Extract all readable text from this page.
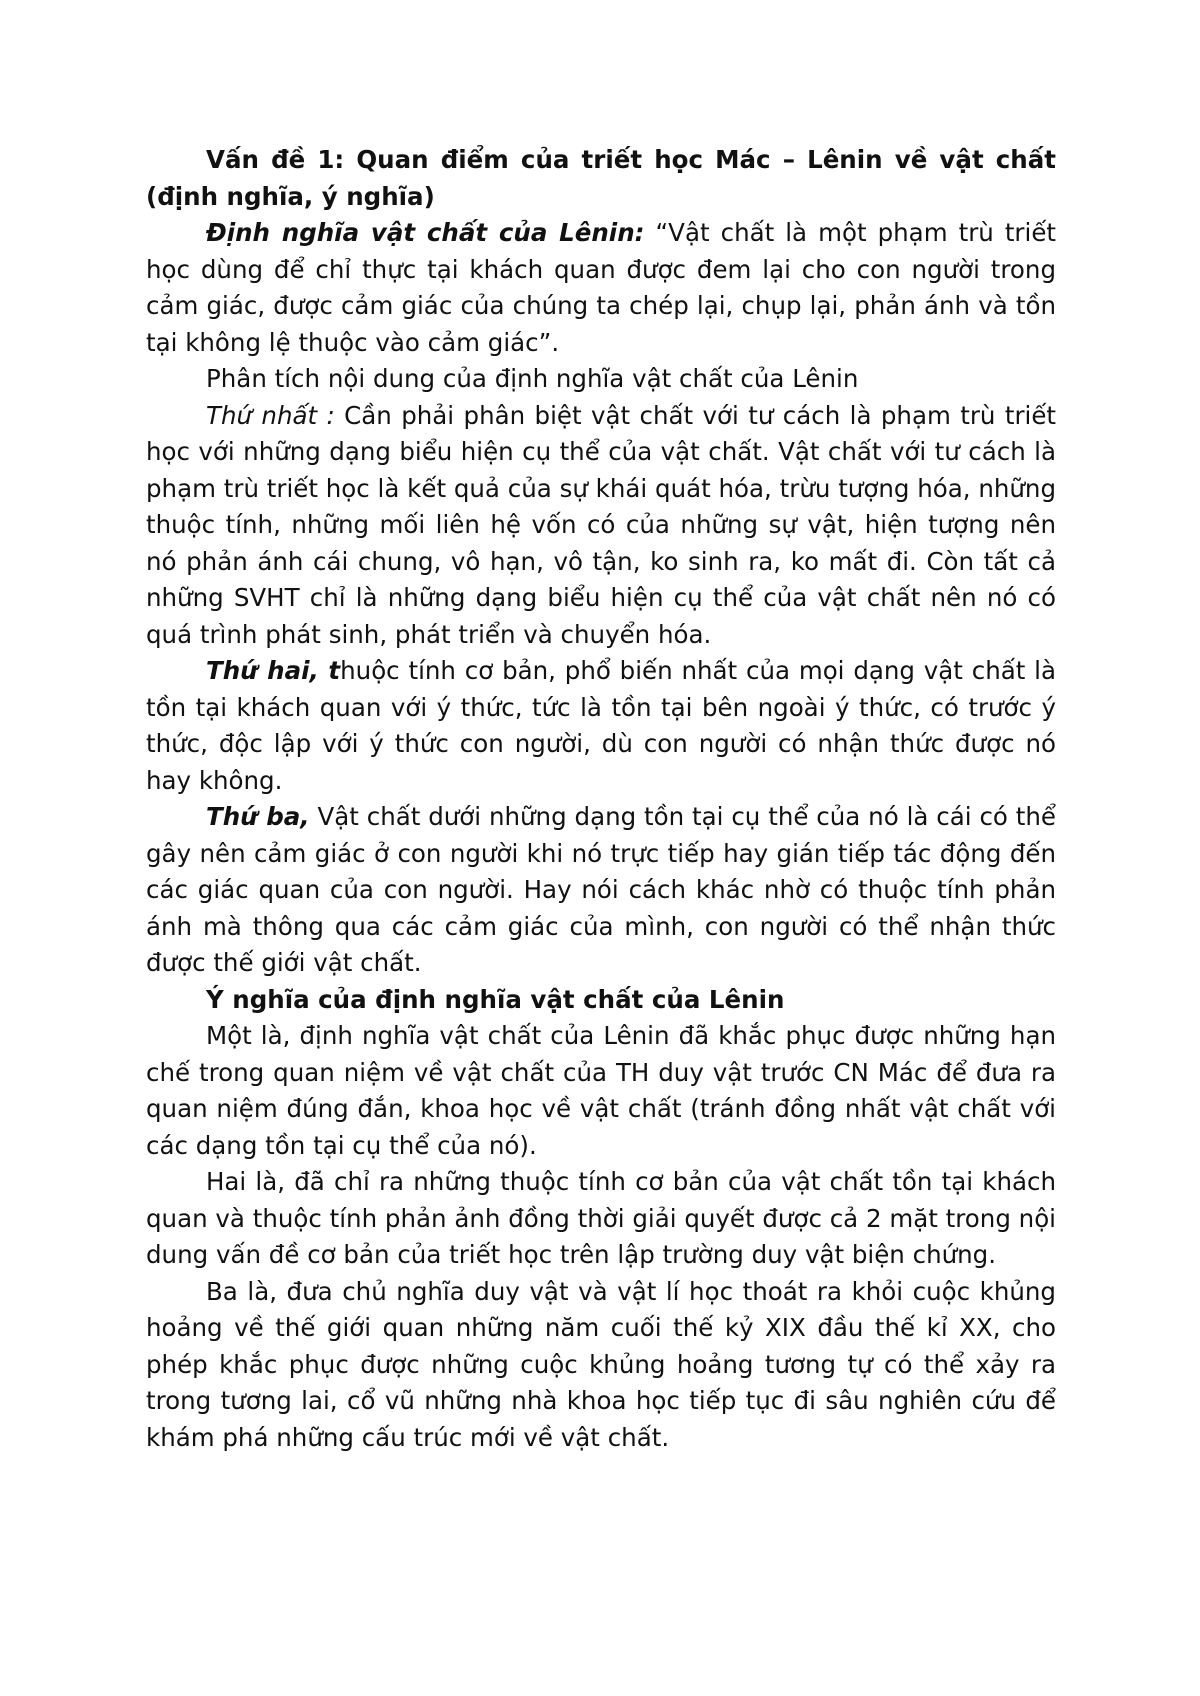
Vấn đề 1: Quan điểm của triết học Mác – Lênin về vật chất (định nghĩa, ý nghĩa)

Định nghĩa vật chất của Lênin: “Vật chất là một phạm trù triết học dùng để chỉ thực tại khách quan được đem lại cho con người trong cảm giác, được cảm giác của chúng ta chép lại, chụp lại, phản ánh và tồn tại không lệ thuộc vào cảm giác”.

Phân tích nội dung của định nghĩa vật chất của Lênin

Thứ nhất : Cần phải phân biệt vật chất với tư cách là phạm trù triết học với những dạng biểu hiện cụ thể của vật chất. Vật chất với tư cách là phạm trù triết học là kết quả của sự khái quát hóa, trừu tượng hóa, những thuộc tính, những mối liên hệ vốn có của những sự vật, hiện tượng nên nó phản ánh cái chung, vô hạn, vô tận, ko sinh ra, ko mất đi. Còn tất cả những SVHT chỉ là những dạng biểu hiện cụ thể của vật chất nên nó có quá trình phát sinh, phát triển và chuyển hóa.

Thứ hai, thuộc tính cơ bản, phổ biến nhất của mọi dạng vật chất là tồn tại khách quan với ý thức, tức là tồn tại bên ngoài ý thức, có trước ý thức, độc lập với ý thức con người, dù con người có nhận thức được nó hay không.

Thứ ba, Vật chất dưới những dạng tồn tại cụ thể của nó là cái có thể gây nên cảm giác ở con người khi nó trực tiếp hay gián tiếp tác động đến các giác quan của con người. Hay nói cách khác nhờ có thuộc tính phản ánh mà thông qua các cảm giác của mình, con người có thể nhận thức được thế giới vật chất.

Ý nghĩa của định nghĩa vật chất của Lênin

Một là, định nghĩa vật chất của Lênin đã khắc phục được những hạn chế trong quan niệm về vật chất của TH duy vật trước CN Mác để đưa ra quan niệm đúng đắn, khoa học về vật chất (tránh đồng nhất vật chất với các dạng tồn tại cụ thể của nó).

Hai là, đã chỉ ra những thuộc tính cơ bản của vật chất tồn tại khách quan và thuộc tính phản ảnh đồng thời giải quyết được cả 2 mặt trong nội dung vấn đề cơ bản của triết học trên lập trường duy vật biện chứng.

Ba là, đưa chủ nghĩa duy vật và vật lí học thoát ra khỏi cuộc khủng hoảng về thế giới quan những năm cuối thế kỷ XIX đầu thế kỉ XX, cho phép khắc phục được những cuộc khủng hoảng tương tự có thể xảy ra trong tương lai, cổ vũ những nhà khoa học tiếp tục đi sâu nghiên cứu để khám phá những cấu trúc mới về vật chất.
